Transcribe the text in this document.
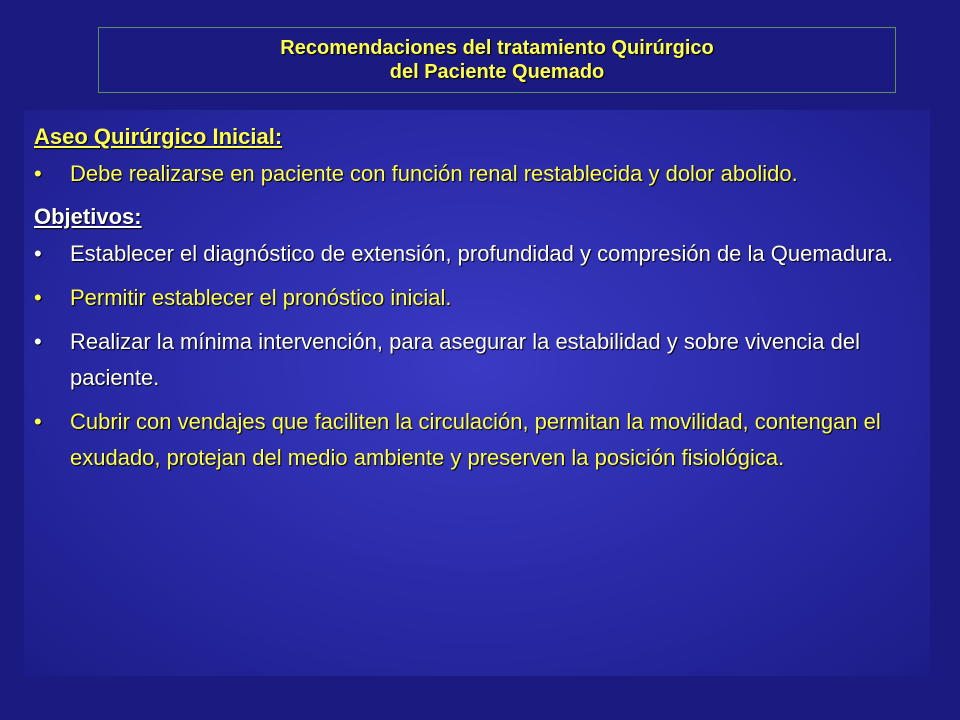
Recomendaciones del tratamiento Quirúrgico
del Paciente Quemado
Aseo Quirúrgico Inicial:
•	Debe realizarse en paciente con función renal restablecida y dolor abolido.
Objetivos:
•	Establecer el diagnóstico de extensión, profundidad y compresión de la Quemadura.
•	Permitir establecer el pronóstico inicial.
•	Realizar la mínima intervención, para asegurar la estabilidad y sobre vivencia del paciente.
•	Cubrir con vendajes que faciliten la circulación, permitan la movilidad, contengan el exudado, protejan del medio ambiente y preserven la posición fisiológica.
